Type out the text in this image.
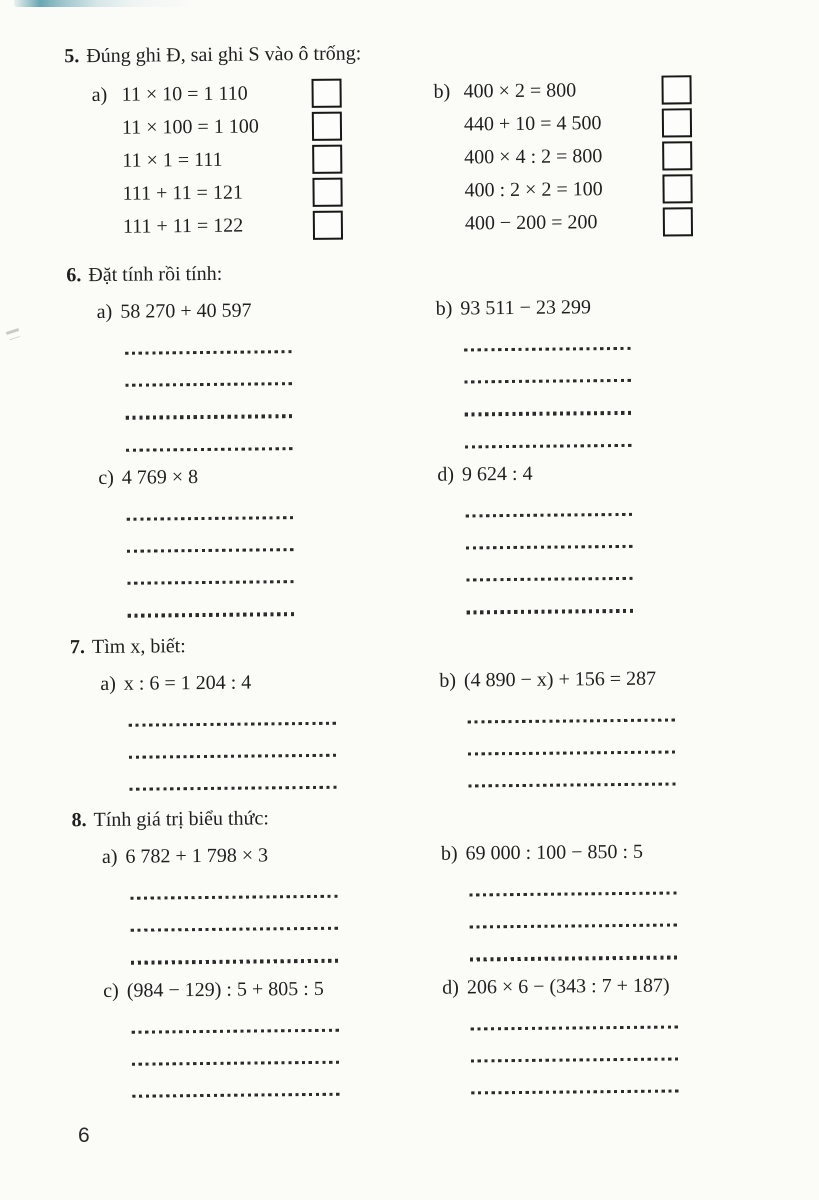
5. Đúng ghi Đ, sai ghi S vào ô trống:
a) 11 × 10 = 1 110
11 × 100 = 1 100
11 × 1 = 111
111 + 11 = 121
111 + 11 = 122
b) 400 × 2 = 800
440 + 10 = 4 500
400 × 4 : 2 = 800
400 : 2 × 2 = 100
400 − 200 = 200
6. Đặt tính rồi tính:
a) 58 270 + 40 597	b) 93 511 − 23 299
c) 4 769 × 8	d) 9 624 : 4
7. Tìm x, biết:
a) x : 6 = 1 204 : 4	b) (4 890 − x) + 156 = 287
8. Tính giá trị biểu thức:
a) 6 782 + 1 798 × 3	b) 69 000 : 100 − 850 : 5
c) (984 − 129) : 5 + 805 : 5	d) 206 × 6 − (343 : 7 + 187)
6
